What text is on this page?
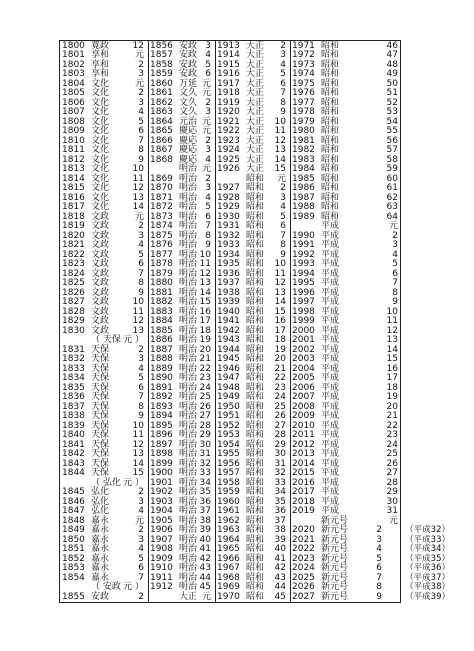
1800 寛政	12
1801 享和	元
1802 享和	2
1803 享和	3
1804 文化	元
1805 文化	2
1806 文化	3
1807 文化	4
1808 文化	5
1809 文化	6
1810 文化	7
1811 文化	8
1812 文化	9
1813 文化	10
1814 文化	11
1815 文化	12
1816 文化	13
1817 文化	14
1818 文政	元
1819 文政	2
1820 文政	3
1821 文政	4
1822 文政	5
1823 文政	6
1824 文政	7
1825 文政	8
1826 文政	9
1827 文政	10
1828 文政	11
1829 文政	12
1830 文政	13
（ 天保 元 ）
1831 天保	2
1832 天保	3
1833 天保	4
1834 天保	5
1835 天保	6
1836 天保	7
1837 天保	8
1838 天保	9
1839 天保	10
1840 天保	11
1841 天保	12
1842 天保	13
1843 天保	14
1844 天保	15
（ 弘化 元 ）
1845 弘化	2
1846 弘化	3
1847 弘化	4
1848 嘉永	元
1849 嘉永	2
1850 嘉永	3
1851 嘉永	4
1852 嘉永	5
1853 嘉永	6
1854 嘉永	7
（ 安政 元 ）
1855 安政	2
1856 安政 3
1857 安政 4
1858 安政 5
1859 安政 6
1860 万延 元
1861 文久 元
1862 文久 2
1863 文久 3
1864 元治 元
1865 慶応 元
1866 慶応 2
1867 慶応 3
1868 慶応 4
明治 元
1869 明治 2
1870 明治 3
1871 明治 4
1872 明治 5
1873 明治 6
1874 明治 7
1875 明治 8
1876 明治 9
1877 明治 10
1878 明治 11
1879 明治 12
1880 明治 13
1881 明治 14
1882 明治 15
1883 明治 16
1884 明治 17
1885 明治 18
1886 明治 19
1887 明治 20
1888 明治 21
1889 明治 22
1890 明治 23
1891 明治 24
1892 明治 25
1893 明治 26
1894 明治 27
1895 明治 28
1896 明治 29
1897 明治 30
1898 明治 31
1899 明治 32
1900 明治 33
1901 明治 34
1902 明治 35
1903 明治 36
1904 明治 37
1905 明治 38
1906 明治 39
1907 明治 40
1908 明治 41
1909 明治 42
1910 明治 43
1911 明治 44
1912 明治 45
大正 元
1913 大正 2
1914 大正 3
1915 大正 4
1916 大正 5
1917 大正 6
1918 大正 7
1919 大正 8
1920 大正 9
1921 大正 10
1922 大正 11
1923 大正 12
1924 大正 13
1925 大正 14
1926 大正 15
昭和 元
1927 昭和 2
1928 昭和 3
1929 昭和 4
1930 昭和 5
1931 昭和 6
1932 昭和 7
1933 昭和 8
1934 昭和 9
1935 昭和 10
1936 昭和 11
1937 昭和 12
1938 昭和 13
1939 昭和 14
1940 昭和 15
1941 昭和 16
1942 昭和 17
1943 昭和 18
1944 昭和 19
1945 昭和 20
1946 昭和 21
1947 昭和 22
1948 昭和 23
1949 昭和 24
1950 昭和 25
1951 昭和 26
1952 昭和 27
1953 昭和 28
1954 昭和 29
1955 昭和 30
1956 昭和 31
1957 昭和 32
1958 昭和 33
1959 昭和 34
1960 昭和 35
1961 昭和 36
1962 昭和 37
1963 昭和 38
1964 昭和 39
1965 昭和 40
1966 昭和 41
1967 昭和 42
1968 昭和 43
1969 昭和 44
1970 昭和 45
1971 昭和	46
1972 昭和	47
1973 昭和	48
1974 昭和	49
1975 昭和	50
1976 昭和	51
1977 昭和	52
1978 昭和	53
1979 昭和	54
1980 昭和	55
1981 昭和	56
1982 昭和	57
1983 昭和	58
1984 昭和	59
1985 昭和	60
1986 昭和	61
1987 昭和	62
1988 昭和	63
1989 昭和	64
平成	元
1990 平成	2
1991 平成	3
1992 平成	4
1993 平成	5
1994 平成	6
1995 平成	7
1996 平成	8
1997 平成	9
1998 平成	10
1999 平成	11
2000 平成	12
2001 平成	13
2002 平成	14
2003 平成	15
2004 平成	16
2005 平成	17
2006 平成	18
2007 平成	19
2008 平成	20
2009 平成	21
2010 平成	22
2011 平成	23
2012 平成	24
2013 平成	25
2014 平成	26
2015 平成	27
2016 平成	28
2017 平成	29
2018 平成	30
2019 平成	31
新元号	元
2020 新元号	2	（平成32）
2021 新元号	3	（平成33）
2022 新元号	4	（平成34）
2023 新元号	5	（平成35）
2024 新元号	6	（平成36）
2025 新元号	7	（平成37）
2026 新元号	8	（平成38）
2027 新元号	9	（平成39）
